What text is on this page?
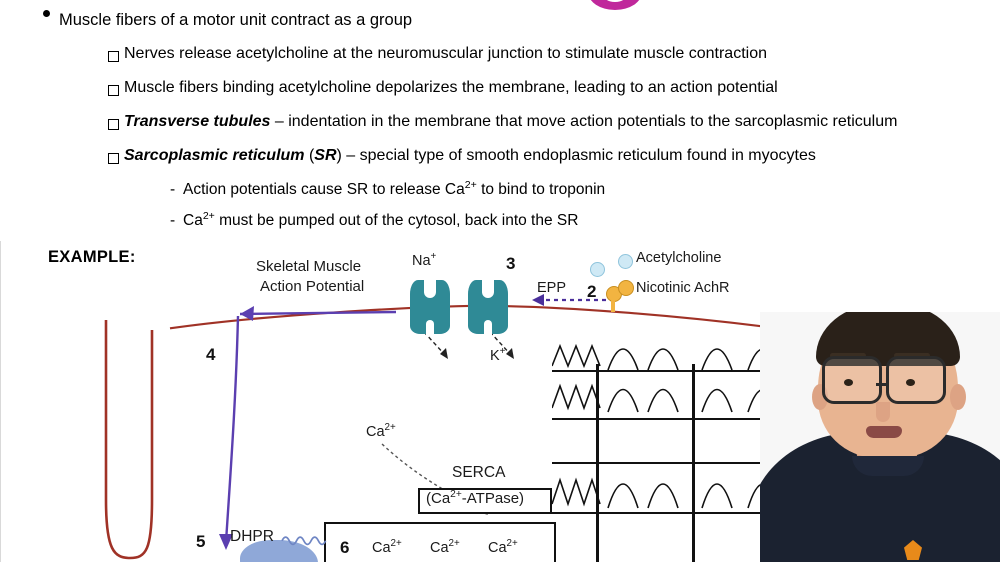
Muscle fibers of a motor unit contract as a group
Nerves release acetylcholine at the neuromuscular junction to stimulate muscle contraction
Muscle fibers binding acetylcholine depolarizes the membrane, leading to an action potential
Transverse tubules – indentation in the membrane that move action potentials to the sarcoplasmic reticulum
Sarcoplasmic reticulum (SR) – special type of smooth endoplasmic reticulum found in myocytes
- Action potentials cause SR to release $Ca^{2+}$ to bind to troponin
- $Ca^{2+}$ must be pumped out of the cytosol, back into the SR
EXAMPLE:
Skeletal Muscle
Action Potential
Na+
K+
EPP
Acetylcholine
Nicotinic AchR
$Ca^{2+}$
SERCA
$(Ca^{2+}-ATPase)$
DHPR
$Ca^{2+}$ $Ca^{2+}$ $Ca^{2+}$
2
3
4
5	6
